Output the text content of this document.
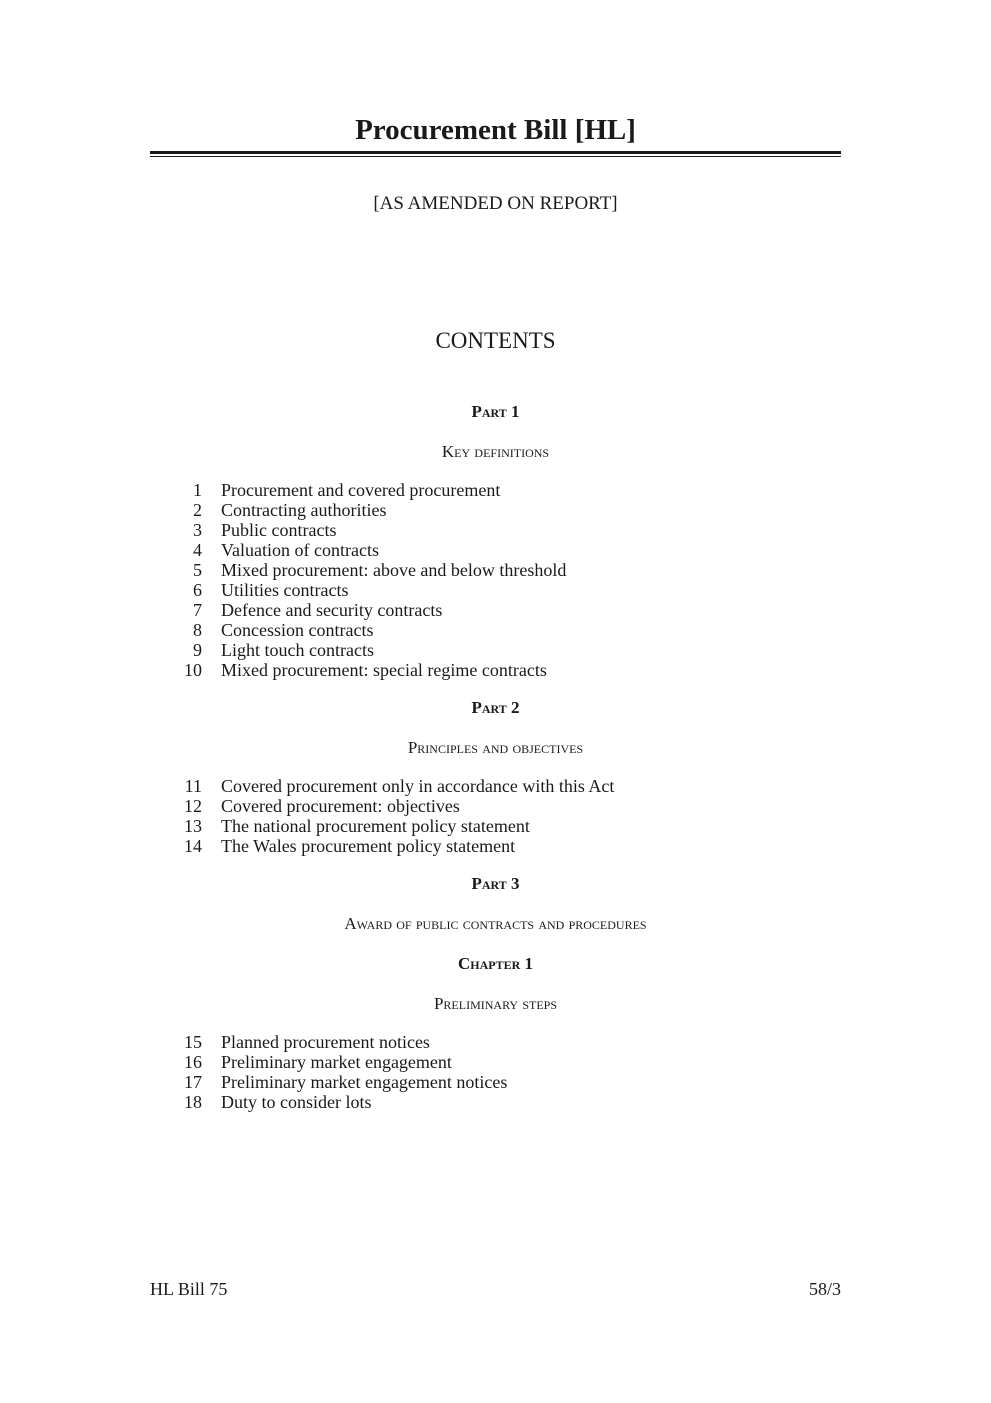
Procurement Bill [HL]
[AS AMENDED ON REPORT]
CONTENTS
Part 1
Key definitions
1	Procurement and covered procurement
2	Contracting authorities
3	Public contracts
4	Valuation of contracts
5	Mixed procurement: above and below threshold
6	Utilities contracts
7	Defence and security contracts
8	Concession contracts
9	Light touch contracts
10	Mixed procurement: special regime contracts
Part 2
Principles and objectives
11	Covered procurement only in accordance with this Act
12	Covered procurement: objectives
13	The national procurement policy statement
14	The Wales procurement policy statement
Part 3
Award of public contracts and procedures
Chapter 1
Preliminary steps
15	Planned procurement notices
16	Preliminary market engagement
17	Preliminary market engagement notices
18	Duty to consider lots
HL Bill 75	58/3
